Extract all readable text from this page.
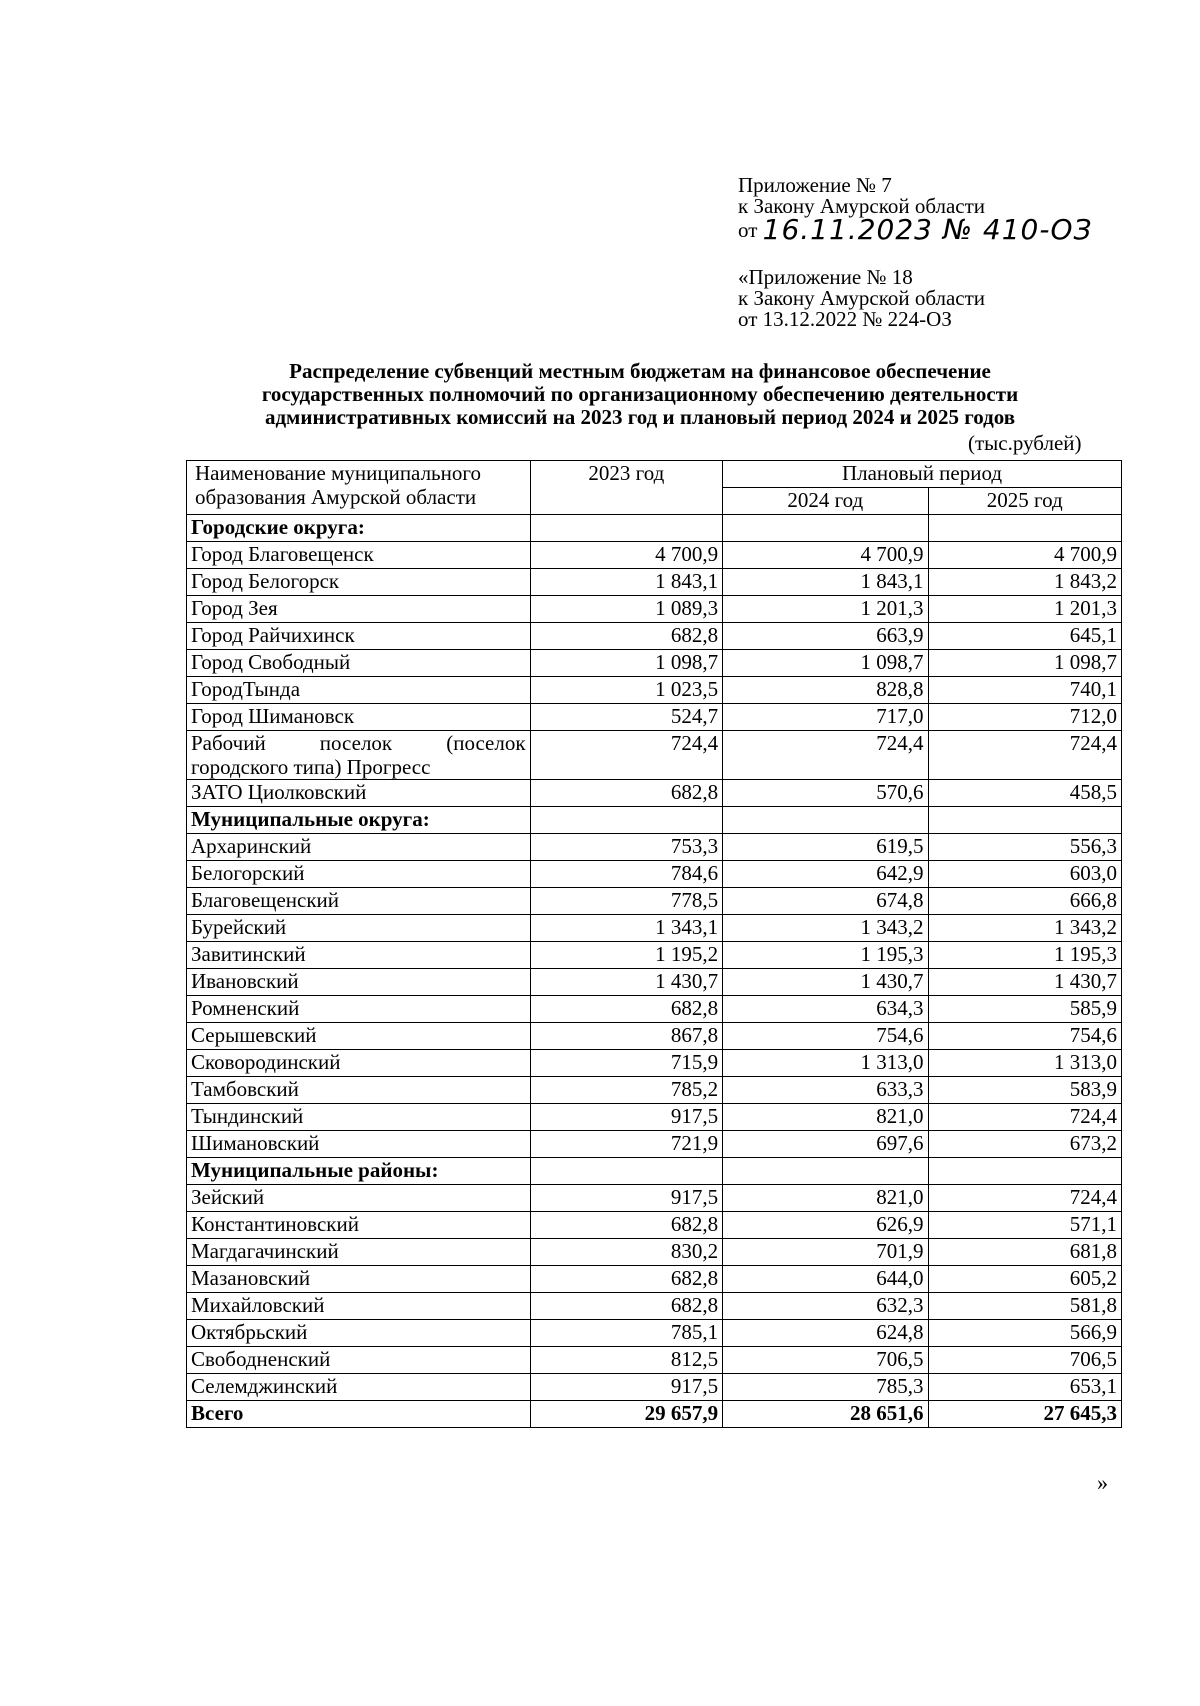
Приложение № 7
к Закону Амурской области
от 16.11.2023 № 410-ОЗ
«Приложение № 18
к Закону Амурской области
от 13.12.2022 № 224-ОЗ
Распределение субвенций местным бюджетам на финансовое обеспечение
государственных полномочий по организационному обеспечению деятельности
административных комиссий на 2023 год и плановый период 2024 и 2025 годов
(тыс.рублей)
Наименование муниципального
образования Амурской области	2023 год	Плановый период	
		2024 год	2025 год
Городские округа:			
Город Благовещенск	4 700,9	4 700,9	4 700,9
Город Белогорск	1 843,1	1 843,1	1 843,2
Город Зея	1 089,3	1 201,3	1 201,3
Город Райчихинск	682,8	663,9	645,1
Город Свободный	1 098,7	1 098,7	1 098,7
ГородТында	1 023,5	828,8	740,1
Город Шимановск	524,7	717,0	712,0

Рабочий поселок (поселок
городского типа) Прогресс	724,4	724,4	724,4
ЗАТО Циолковский	682,8	570,6	458,5
Муниципальные округа:			
Архаринский	753,3	619,5	556,3
Белогорский	784,6	642,9	603,0
Благовещенский	778,5	674,8	666,8
Бурейский	1 343,1	1 343,2	1 343,2
Завитинский	1 195,2	1 195,3	1 195,3
Ивановский	1 430,7	1 430,7	1 430,7
Ромненский	682,8	634,3	585,9
Серышевский	867,8	754,6	754,6
Сковородинский	715,9	1 313,0	1 313,0
Тамбовский	785,2	633,3	583,9
Тындинский	917,5	821,0	724,4
Шимановский	721,9	697,6	673,2
Муниципальные районы:			
Зейский	917,5	821,0	724,4
Константиновский	682,8	626,9	571,1
Магдагачинский	830,2	701,9	681,8
Мазановский	682,8	644,0	605,2
Михайловский	682,8	632,3	581,8
Октябрьский	785,1	624,8	566,9
Свободненский	812,5	706,5	706,5
Селемджинский	917,5	785,3	653,1
Всего	29 657,9	28 651,6	27 645,3
»
